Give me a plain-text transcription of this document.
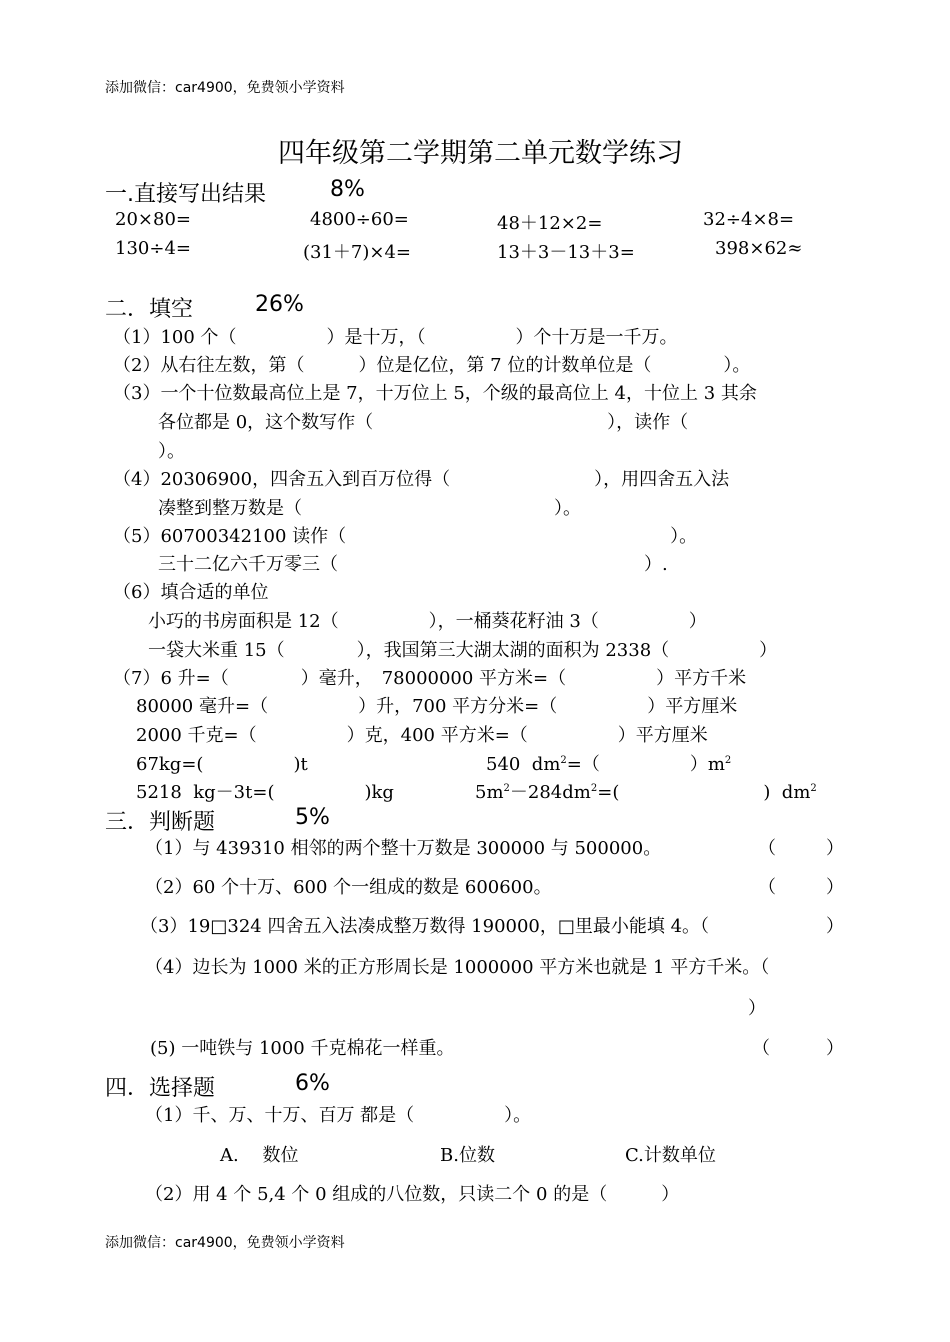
添加微信：car4900，免费领小学资料
四年级第二学期第二单元数学练习
一.直接写出结果	8%
20×80=	4800÷60=	48＋12×2=	32÷4×8=
130÷4=	(31＋7)×4=	13＋3－13＋3=	398×62≈
二．填空	26%
（1）100 个（　　　　　）是十万，（　　　　　）个十万是一千万。
（2）从右往左数，第（　　　）位是亿位，第 7 位的计数单位是（　　　　）。
（3）一个十位数最高位上是 7，十万位上 5，个级的最高位上 4，十位上 3 其余
各位都是 0，这个数写作（　　　　　　　　　　　　　），读作（
）。
（4）20306900，四舍五入到百万位得（　　　　　　　　），用四舍五入法
凑整到整万数是（　　　　　　　　　　　　　　）。
（5）60700342100 读作（　　　　　　　　　　　　　　　　　　）。
三十二亿六千万零三（　　　　　　　　　　　　　　　　　）.
（6）填合适的单位
小巧的书房面积是 12（　　　　　），一桶葵花籽油 3（　　　　　）
一袋大米重 15（　　　　），我国第三大湖太湖的面积为 2338（　　　　　）
（7）6 升=（　　　　）毫升，　78000000 平方米=（　　　　　）平方千米
80000 毫升=（　　　　　）升，700 平方分米=（　　　　　）平方厘米
2000 千克=（　　　　　）克，400 平方米=（　　　　　）平方厘米
67kg=(　　　　　)t	540  $dm^2=$（　　　　　）$m^2$
5218  kg－3t=(　　　　　)kg	$5m^2-284dm^2=$(　　　　　　　　)  $dm^2$
三．判断题	5%
（1）与 439310 相邻的两个整十万数是 300000 与 500000。	（	）
（2）60 个十万、600 个一组成的数是 600600。	（	）
（3）19□324 四舍五入法凑成整万数得 190000，□里最小能填 4。（	）
（4）边长为 1000 米的正方形周长是 1000000 平方米也就是 1 平方千米。（
）
(5) 一吨铁与 1000 千克棉花一样重。	（	）
四．选择题	6%
（1）千、万、十万、百万 都是（　　　　　）。
A.　 数位	B.位数	C.计数单位
（2）用 4 个 5,4 个 0 组成的八位数，只读二个 0 的是（　　　）
添加微信：car4900，免费领小学资料
